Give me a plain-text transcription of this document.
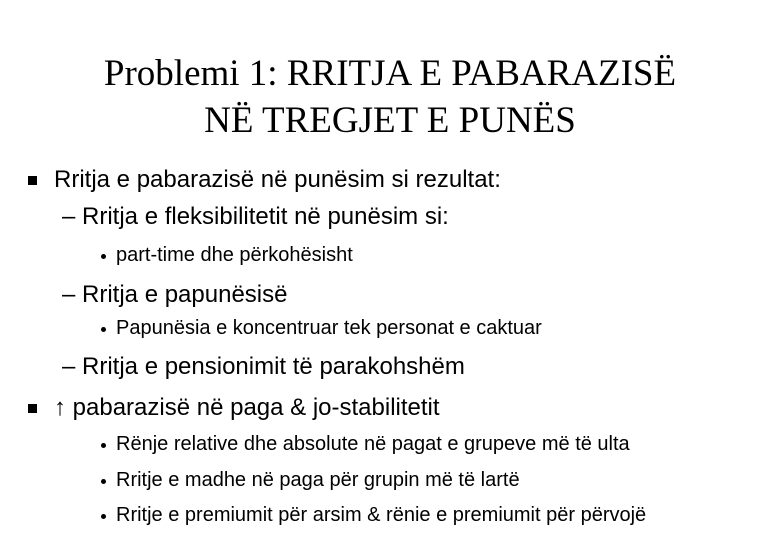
Problemi 1: RRITJA E PABARAZISË
NË TREGJET E PUNËS
Rritja e pabarazisë në punësim si rezultat:
– Rritja e fleksibilitetit në punësim si:
part-time dhe përkohësisht
– Rritja e papunësisë
Papunësia e koncentruar tek personat e caktuar
– Rritja e pensionimit të parakohshëm
↑ pabarazisë në paga & jo-stabilitetit
Rënje relative dhe absolute në pagat e grupeve më të ulta
Rritje e madhe në paga për grupin më të lartë
Rritje e premiumit për arsim & rënie e premiumit për përvojë
